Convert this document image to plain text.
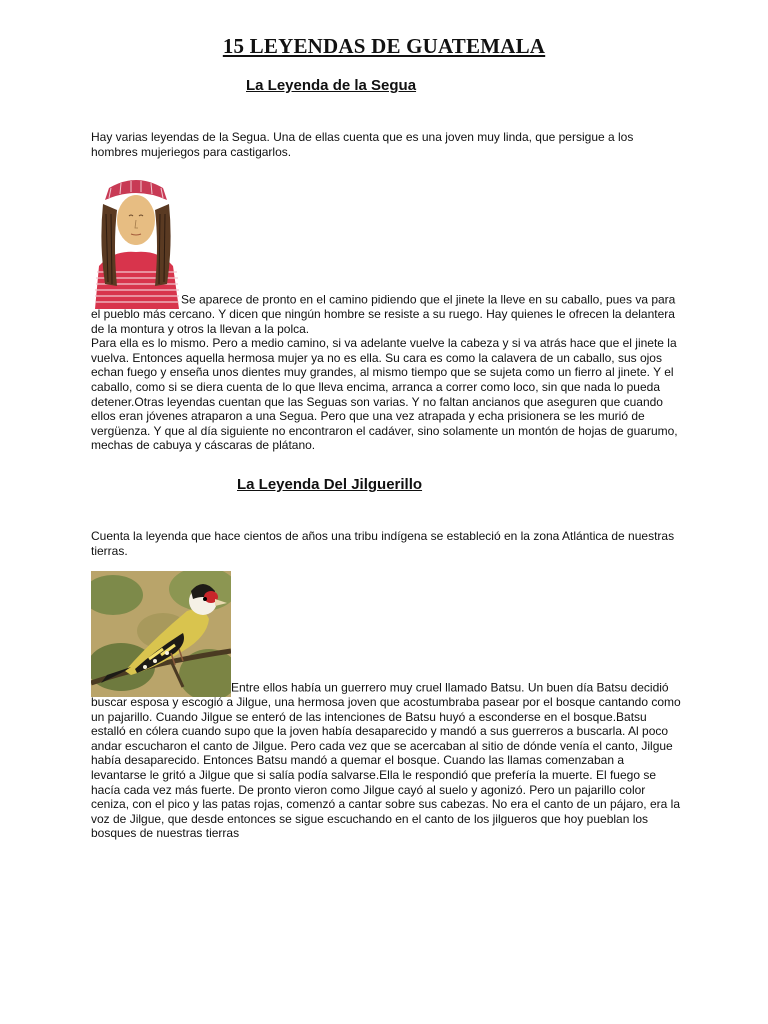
15 LEYENDAS DE GUATEMALA
La Leyenda de la Segua

Hay varias leyendas de la Segua. Una de ellas cuenta que es una joven muy linda, que persigue a los hombres mujeriegos para castigarlos.

Se aparece de pronto en el camino pidiendo que el jinete la lleve en su caballo, pues va para el pueblo más cercano. Y dicen que ningún hombre se resiste a su ruego. Hay quienes le ofrecen la delantera de la montura y otros la llevan a la polca.
Para ella es lo mismo. Pero a medio camino, si va adelante vuelve la cabeza y si va atrás hace que el jinete la vuelva. Entonces aquella hermosa mujer ya no es ella. Su cara es como la calavera de un caballo, sus ojos echan fuego y enseña unos dientes muy grandes, al mismo tiempo que se sujeta como un fierro al jinete. Y el caballo, como si se diera cuenta de lo que lleva encima, arranca a correr como loco, sin que nada lo pueda detener.Otras leyendas cuentan que las Seguas son varias. Y no faltan ancianos que aseguren que cuando ellos eran jóvenes atraparon a una Segua. Pero que una vez atrapada y echa prisionera se les murió de vergüenza. Y que al día siguiente no encontraron el cadáver, sino solamente un montón de hojas de guarumo, mechas de cabuya y cáscaras de plátano.
La Leyenda Del Jilguerillo

Cuenta la leyenda que hace cientos de años una tribu indígena se estableció en la zona Atlántica de nuestras tierras.

Entre ellos había un guerrero muy cruel llamado Batsu. Un buen día Batsu decidió buscar esposa y escogió a Jilgue, una hermosa joven que acostumbraba pasear por el bosque cantando como un pajarillo. Cuando Jilgue se enteró de las intenciones de Batsu huyó a esconderse en el bosque.Batsu estalló en cólera cuando supo que la joven había desaparecido y mandó a sus guerreros a buscarla. Al poco andar escucharon el canto de Jilgue. Pero cada vez que se acercaban al sitio de dónde venía el canto, Jilgue había desaparecido. Entonces Batsu mandó a quemar el bosque. Cuando las llamas comenzaban a levantarse le gritó a Jilgue que si salía podía salvarse.Ella le respondió que prefería la muerte. El fuego se hacía cada vez más fuerte. De pronto vieron como Jilgue cayó al suelo y agonizó. Pero un pajarillo color ceniza, con el pico y las patas rojas, comenzó a cantar sobre sus cabezas. No era el canto de un pájaro, era la voz de Jilgue, que desde entonces se sigue escuchando en el canto de los jilgueros que hoy pueblan los bosques de nuestras tierras
